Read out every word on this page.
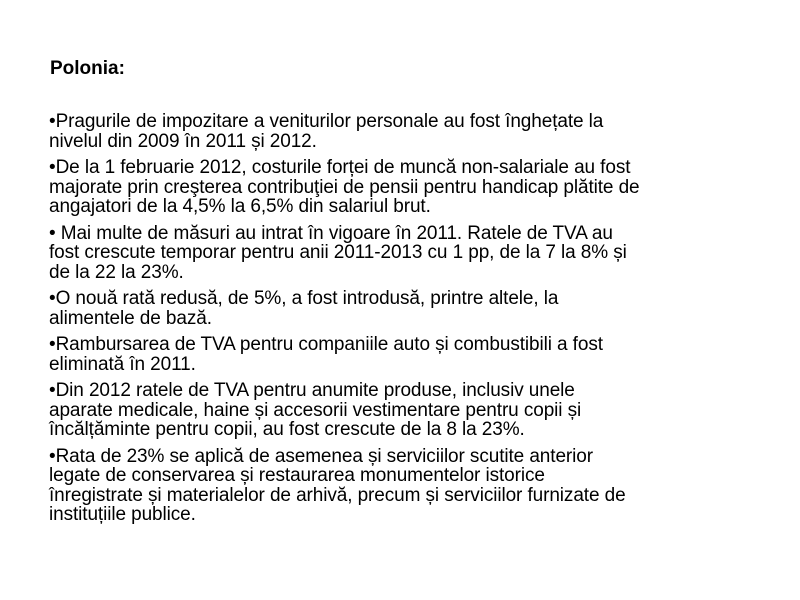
Polonia:
•Pragurile de impozitare a veniturilor personale au fost înghețate la
nivelul din 2009 în 2011 și 2012.
•De la 1 februarie 2012, costurile forței de muncă non-salariale au fost
majorate prin creşterea contribuţiei de pensii pentru handicap plătite de
angajatori de la 4,5% la 6,5% din salariul brut.
• Mai multe de măsuri au intrat în vigoare în 2011. Ratele de TVA au
fost crescute temporar pentru anii 2011-2013 cu 1 pp, de la 7 la 8% și
de la 22 la 23%.
•O nouă rată redusă, de 5%, a fost introdusă, printre altele, la
alimentele de bază.
•Rambursarea de TVA pentru companiile auto și combustibili a fost
eliminată în 2011.
•Din 2012 ratele de TVA pentru anumite produse, inclusiv unele
aparate medicale, haine și accesorii vestimentare pentru copii și
încălțăminte pentru copii, au fost crescute de la 8 la 23%.
•Rata de 23% se aplică de asemenea și serviciilor scutite anterior
legate de conservarea și restaurarea monumentelor istorice
înregistrate și materialelor de arhivă, precum și serviciilor furnizate de
instituțiile publice.
